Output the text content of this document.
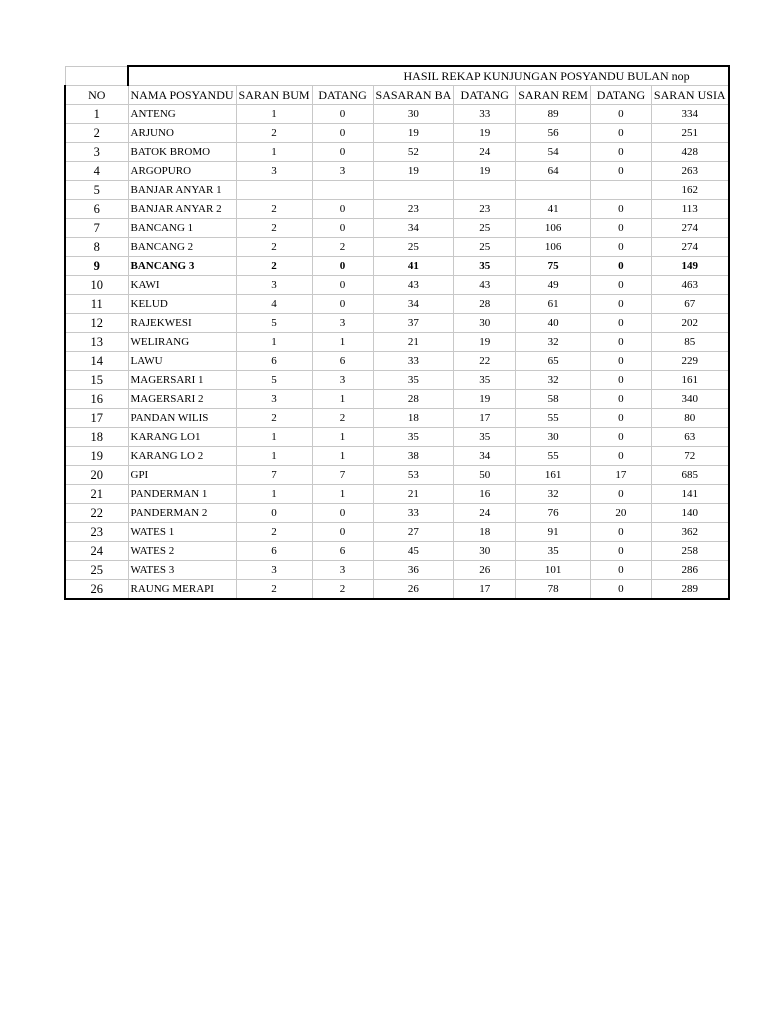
	HASIL REKAP KUNJUNGAN POSYANDU BULAN nop							
NO	NAMA POSYANDU	SARAN BUM	DATANG	SASARAN BA	DATANG	SARAN REM	DATANG	SARAN USIA
1	ANTENG	1	0	30	33	89	0	334
2	ARJUNO	2	0	19	19	56	0	251
3	BATOK BROMO	1	0	52	24	54	0	428
4	ARGOPURO	3	3	19	19	64	0	263
5	BANJAR ANYAR 1							162
6	BANJAR ANYAR 2	2	0	23	23	41	0	113
7	BANCANG 1	2	0	34	25	106	0	274
8	BANCANG 2	2	2	25	25	106	0	274
9	BANCANG 3	2	0	41	35	75	0	149
10	KAWI	3	0	43	43	49	0	463
11	KELUD	4	0	34	28	61	0	67
12	RAJEKWESI	5	3	37	30	40	0	202
13	WELIRANG	1	1	21	19	32	0	85
14	LAWU	6	6	33	22	65	0	229
15	MAGERSARI 1	5	3	35	35	32	0	161
16	MAGERSARI 2	3	1	28	19	58	0	340
17	PANDAN WILIS	2	2	18	17	55	0	80
18	KARANG LO1	1	1	35	35	30	0	63
19	KARANG LO 2	1	1	38	34	55	0	72
20	GPI	7	7	53	50	161	17	685
21	PANDERMAN 1	1	1	21	16	32	0	141
22	PANDERMAN 2	0	0	33	24	76	20	140
23	WATES 1	2	0	27	18	91	0	362
24	WATES 2	6	6	45	30	35	0	258
25	WATES 3	3	3	36	26	101	0	286
26	RAUNG MERAPI	2	2	26	17	78	0	289
